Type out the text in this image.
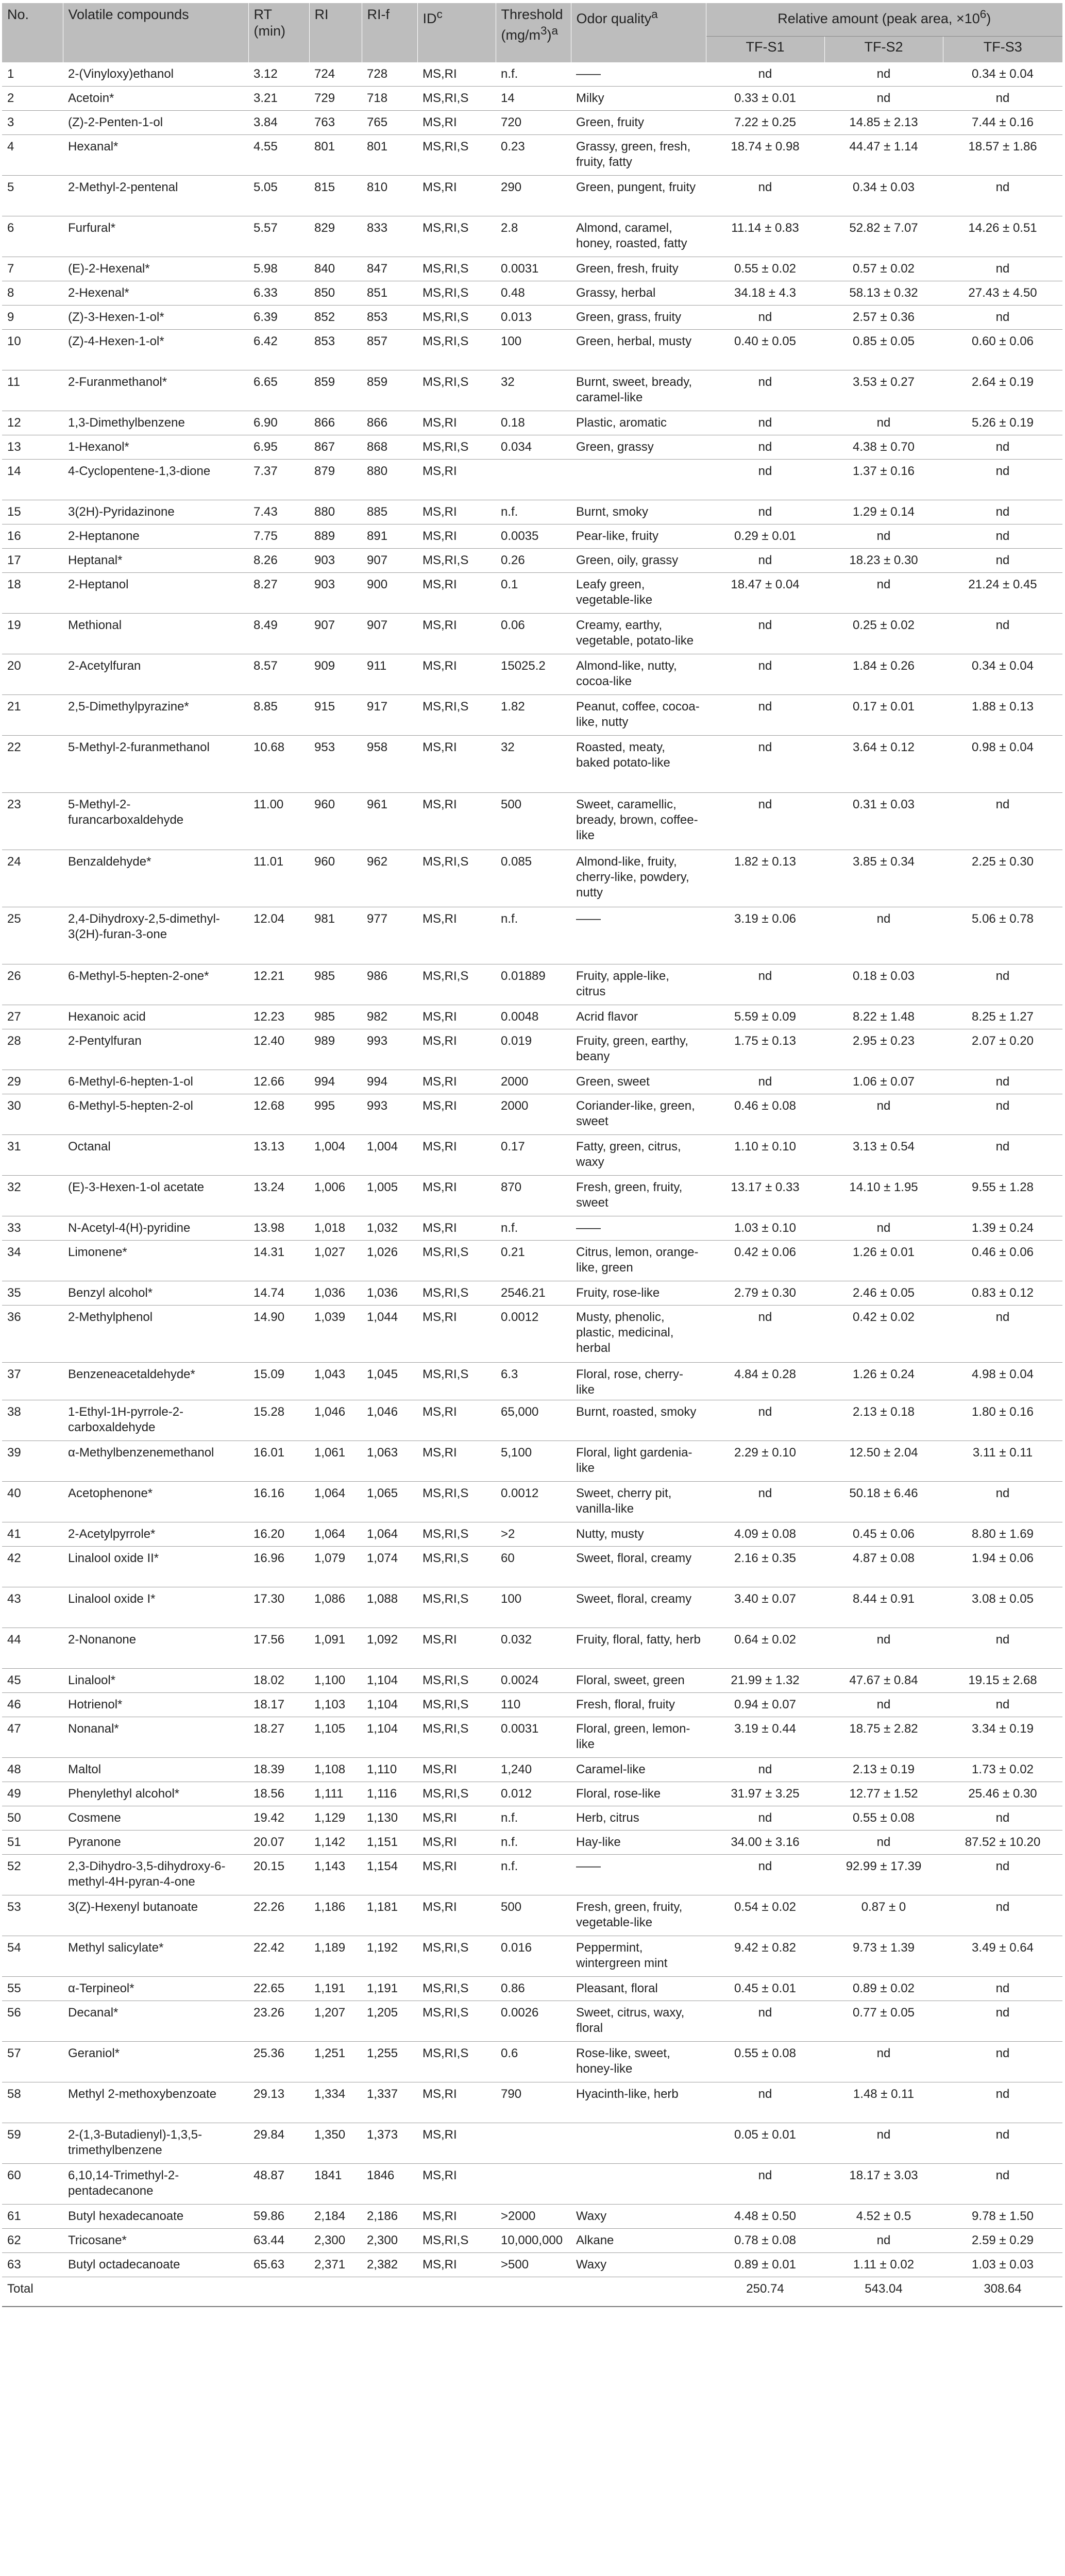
No.	Volatile compounds	RT (min)	RI	RI-f	$ID^c$	Threshold $(mg/m^3)^a$	Odor quality$^a$	Relative amount (peak area, $\times 10^6$)		
								TF-S1	TF-S2	TF-S3
1	2-(Vinyloxy)ethanol	3.12	724	728	MS,RI	n.f.	——	nd	nd	0.34 ± 0.04
2	Acetoin*	3.21	729	718	MS,RI,S	14	Milky	0.33 ± 0.01	nd	nd
3	(Z)-2-Penten-1-ol	3.84	763	765	MS,RI	720	Green, fruity	7.22 ± 0.25	14.85 ± 2.13	7.44 ± 0.16
4	Hexanal*	4.55	801	801	MS,RI,S	0.23	Grassy, green, fresh, fruity, fatty	18.74 ± 0.98	44.47 ± 1.14	18.57 ± 1.86
5	2-Methyl-2-pentenal	5.05	815	810	MS,RI	290	Green, pungent, fruity	nd	0.34 ± 0.03	nd
6	Furfural*	5.57	829	833	MS,RI,S	2.8	Almond, caramel, honey, roasted, fatty	11.14 ± 0.83	52.82 ± 7.07	14.26 ± 0.51
7	(E)-2-Hexenal*	5.98	840	847	MS,RI,S	0.0031	Green, fresh, fruity	0.55 ± 0.02	0.57 ± 0.02	nd
8	2-Hexenal*	6.33	850	851	MS,RI,S	0.48	Grassy, herbal	34.18 ± 4.3	58.13 ± 0.32	27.43 ± 4.50
9	(Z)-3-Hexen-1-ol*	6.39	852	853	MS,RI,S	0.013	Green, grass, fruity	nd	2.57 ± 0.36	nd
10	(Z)-4-Hexen-1-ol*	6.42	853	857	MS,RI,S	100	Green, herbal, musty	0.40 ± 0.05	0.85 ± 0.05	0.60 ± 0.06
11	2-Furanmethanol*	6.65	859	859	MS,RI,S	32	Burnt, sweet, bready, caramel-like	nd	3.53 ± 0.27	2.64 ± 0.19
12	1,3-Dimethylbenzene	6.90	866	866	MS,RI	0.18	Plastic, aromatic	nd	nd	5.26 ± 0.19
13	1-Hexanol*	6.95	867	868	MS,RI,S	0.034	Green, grassy	nd	4.38 ± 0.70	nd
14	4-Cyclopentene-1,3-dione	7.37	879	880	MS,RI			nd	1.37 ± 0.16	nd
15	3(2H)-Pyridazinone	7.43	880	885	MS,RI	n.f.	Burnt, smoky	nd	1.29 ± 0.14	nd
16	2-Heptanone	7.75	889	891	MS,RI	0.0035	Pear-like, fruity	0.29 ± 0.01	nd	nd
17	Heptanal*	8.26	903	907	MS,RI,S	0.26	Green, oily, grassy	nd	18.23 ± 0.30	nd
18	2-Heptanol	8.27	903	900	MS,RI	0.1	Leafy green, vegetable-like	18.47 ± 0.04	nd	21.24 ± 0.45
19	Methional	8.49	907	907	MS,RI	0.06	Creamy, earthy, vegetable, potato-like	nd	0.25 ± 0.02	nd
20	2-Acetylfuran	8.57	909	911	MS,RI	15025.2	Almond-like, nutty, cocoa-like	nd	1.84 ± 0.26	0.34 ± 0.04
21	2,5-Dimethylpyrazine*	8.85	915	917	MS,RI,S	1.82	Peanut, coffee, cocoa-like, nutty	nd	0.17 ± 0.01	1.88 ± 0.13
22	5-Methyl-2-furanmethanol	10.68	953	958	MS,RI	32	Roasted, meaty, baked potato-like	nd	3.64 ± 0.12	0.98 ± 0.04
23	5-Methyl-2-furancarboxaldehyde	11.00	960	961	MS,RI	500	Sweet, caramellic, bready, brown, coffee-like	nd	0.31 ± 0.03	nd
24	Benzaldehyde*	11.01	960	962	MS,RI,S	0.085	Almond-like, fruity, cherry-like, powdery, nutty	1.82 ± 0.13	3.85 ± 0.34	2.25 ± 0.30
25	2,4-Dihydroxy-2,5-dimethyl-3(2H)-furan-3-one	12.04	981	977	MS,RI	n.f.	——	3.19 ± 0.06	nd	5.06 ± 0.78
26	6-Methyl-5-hepten-2-one*	12.21	985	986	MS,RI,S	0.01889	Fruity, apple-like, citrus	nd	0.18 ± 0.03	nd
27	Hexanoic acid	12.23	985	982	MS,RI	0.0048	Acrid flavor	5.59 ± 0.09	8.22 ± 1.48	8.25 ± 1.27
28	2-Pentylfuran	12.40	989	993	MS,RI	0.019	Fruity, green, earthy, beany	1.75 ± 0.13	2.95 ± 0.23	2.07 ± 0.20
29	6-Methyl-6-hepten-1-ol	12.66	994	994	MS,RI	2000	Green, sweet	nd	1.06 ± 0.07	nd
30	6-Methyl-5-hepten-2-ol	12.68	995	993	MS,RI	2000	Coriander-like, green, sweet	0.46 ± 0.08	nd	nd
31	Octanal	13.13	1,004	1,004	MS,RI	0.17	Fatty, green, citrus, waxy	1.10 ± 0.10	3.13 ± 0.54	nd
32	(E)-3-Hexen-1-ol acetate	13.24	1,006	1,005	MS,RI	870	Fresh, green, fruity, sweet	13.17 ± 0.33	14.10 ± 1.95	9.55 ± 1.28
33	N-Acetyl-4(H)-pyridine	13.98	1,018	1,032	MS,RI	n.f.	——	1.03 ± 0.10	nd	1.39 ± 0.24
34	Limonene*	14.31	1,027	1,026	MS,RI,S	0.21	Citrus, lemon, orange-like, green	0.42 ± 0.06	1.26 ± 0.01	0.46 ± 0.06
35	Benzyl alcohol*	14.74	1,036	1,036	MS,RI,S	2546.21	Fruity, rose-like	2.79 ± 0.30	2.46 ± 0.05	0.83 ± 0.12
36	2-Methylphenol	14.90	1,039	1,044	MS,RI	0.0012	Musty, phenolic, plastic, medicinal, herbal	nd	0.42 ± 0.02	nd
37	Benzeneacetaldehyde*	15.09	1,043	1,045	MS,RI,S	6.3	Floral, rose, cherry-like	4.84 ± 0.28	1.26 ± 0.24	4.98 ± 0.04
38	1-Ethyl-1H-pyrrole-2-carboxaldehyde	15.28	1,046	1,046	MS,RI	65,000	Burnt, roasted, smoky	nd	2.13 ± 0.18	1.80 ± 0.16
39	α-Methylbenzenemethanol	16.01	1,061	1,063	MS,RI	5,100	Floral, light gardenia-like	2.29 ± 0.10	12.50 ± 2.04	3.11 ± 0.11
40	Acetophenone*	16.16	1,064	1,065	MS,RI,S	0.0012	Sweet, cherry pit, vanilla-like	nd	50.18 ± 6.46	nd
41	2-Acetylpyrrole*	16.20	1,064	1,064	MS,RI,S	>2	Nutty, musty	4.09 ± 0.08	0.45 ± 0.06	8.80 ± 1.69
42	Linalool oxide II*	16.96	1,079	1,074	MS,RI,S	60	Sweet, floral, creamy	2.16 ± 0.35	4.87 ± 0.08	1.94 ± 0.06
43	Linalool oxide I*	17.30	1,086	1,088	MS,RI,S	100	Sweet, floral, creamy	3.40 ± 0.07	8.44 ± 0.91	3.08 ± 0.05
44	2-Nonanone	17.56	1,091	1,092	MS,RI	0.032	Fruity, floral, fatty, herb	0.64 ± 0.02	nd	nd
45	Linalool*	18.02	1,100	1,104	MS,RI,S	0.0024	Floral, sweet, green	21.99 ± 1.32	47.67 ± 0.84	19.15 ± 2.68
46	Hotrienol*	18.17	1,103	1,104	MS,RI,S	110	Fresh, floral, fruity	0.94 ± 0.07	nd	nd
47	Nonanal*	18.27	1,105	1,104	MS,RI,S	0.0031	Floral, green, lemon-like	3.19 ± 0.44	18.75 ± 2.82	3.34 ± 0.19
48	Maltol	18.39	1,108	1,110	MS,RI	1,240	Caramel-like	nd	2.13 ± 0.19	1.73 ± 0.02
49	Phenylethyl alcohol*	18.56	1,111	1,116	MS,RI,S	0.012	Floral, rose-like	31.97 ± 3.25	12.77 ± 1.52	25.46 ± 0.30
50	Cosmene	19.42	1,129	1,130	MS,RI	n.f.	Herb, citrus	nd	0.55 ± 0.08	nd
51	Pyranone	20.07	1,142	1,151	MS,RI	n.f.	Hay-like	34.00 ± 3.16	nd	87.52 ± 10.20
52	2,3-Dihydro-3,5-dihydroxy-6-methyl-4H-pyran-4-one	20.15	1,143	1,154	MS,RI	n.f.	——	nd	92.99 ± 17.39	nd
53	3(Z)-Hexenyl butanoate	22.26	1,186	1,181	MS,RI	500	Fresh, green, fruity, vegetable-like	0.54 ± 0.02	0.87 ± 0	nd
54	Methyl salicylate*	22.42	1,189	1,192	MS,RI,S	0.016	Peppermint, wintergreen mint	9.42 ± 0.82	9.73 ± 1.39	3.49 ± 0.64
55	α-Terpineol*	22.65	1,191	1,191	MS,RI,S	0.86	Pleasant, floral	0.45 ± 0.01	0.89 ± 0.02	nd
56	Decanal*	23.26	1,207	1,205	MS,RI,S	0.0026	Sweet, citrus, waxy, floral	nd	0.77 ± 0.05	nd
57	Geraniol*	25.36	1,251	1,255	MS,RI,S	0.6	Rose-like, sweet, honey-like	0.55 ± 0.08	nd	nd
58	Methyl 2-methoxybenzoate	29.13	1,334	1,337	MS,RI	790	Hyacinth-like, herb	nd	1.48 ± 0.11	nd
59	2-(1,3-Butadienyl)-1,3,5-trimethylbenzene	29.84	1,350	1,373	MS,RI			0.05 ± 0.01	nd	nd
60	6,10,14-Trimethyl-2-pentadecanone	48.87	1841	1846	MS,RI			nd	18.17 ± 3.03	nd
61	Butyl hexadecanoate	59.86	2,184	2,186	MS,RI	>2000	Waxy	4.48 ± 0.50	4.52 ± 0.5	9.78 ± 1.50
62	Tricosane*	63.44	2,300	2,300	MS,RI,S	10,000,000	Alkane	0.78 ± 0.08	nd	2.59 ± 0.29
63	Butyl octadecanoate	65.63	2,371	2,382	MS,RI	>500	Waxy	0.89 ± 0.01	1.11 ± 0.02	1.03 ± 0.03
Total								250.74	543.04	308.64
